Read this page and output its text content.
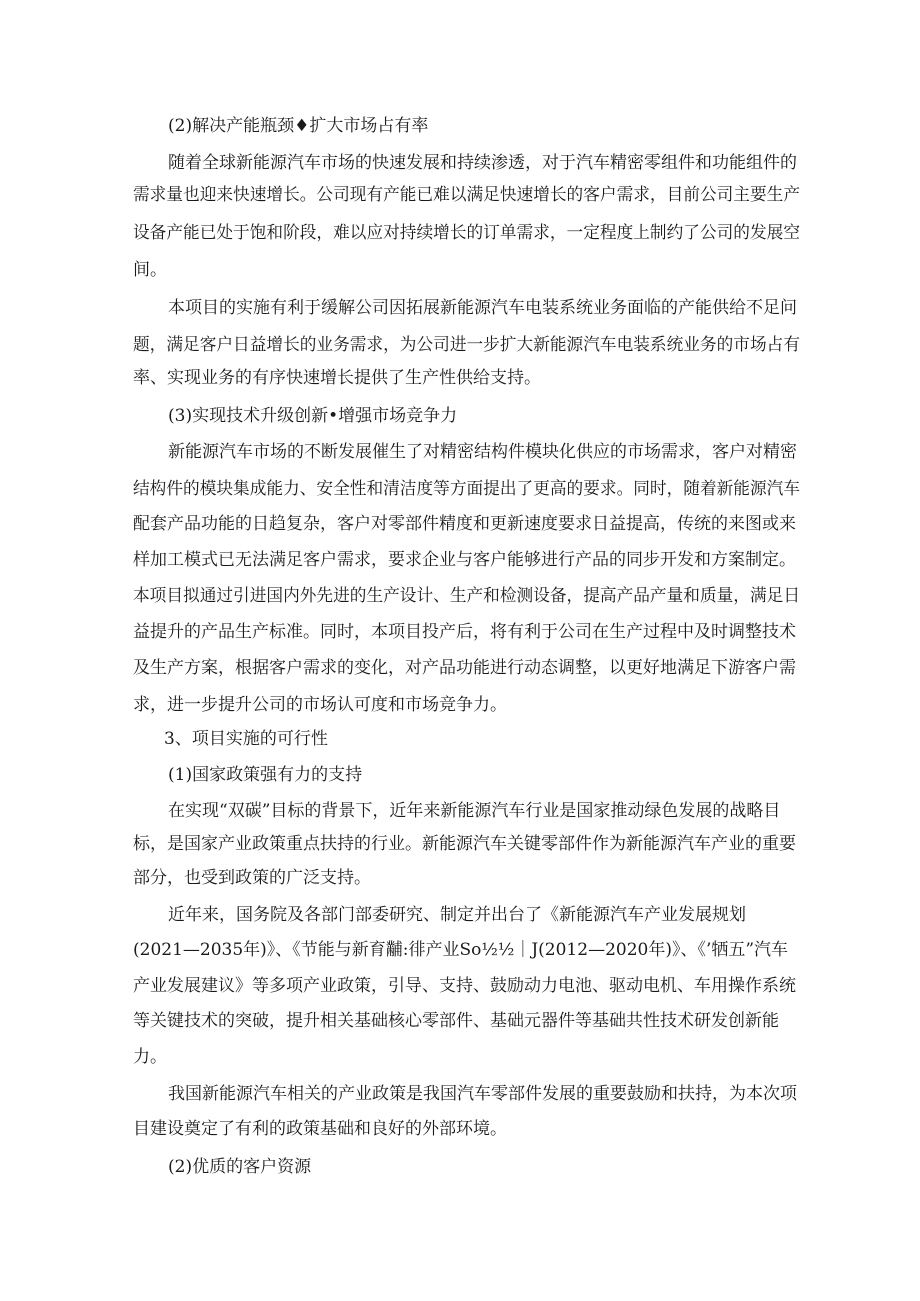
(2)解决产能瓶颈♦扩大市场占有率
随着全球新能源汽车市场的快速发展和持续渗透，对于汽车精密零组件和功能组件的
需求量也迎来快速增长。公司现有产能已难以满足快速增长的客户需求，目前公司主要生产
设备产能已处于饱和阶段，难以应对持续增长的订单需求，一定程度上制约了公司的发展空
间。
本项目的实施有利于缓解公司因拓展新能源汽车电装系统业务面临的产能供给不足问
题，满足客户日益增长的业务需求，为公司进一步扩大新能源汽车电装系统业务的市场占有
率、实现业务的有序快速增长提供了生产性供给支持。
(3)实现技术升级创新•增强市场竞争力
新能源汽车市场的不断发展催生了对精密结构件模块化供应的市场需求，客户对精密
结构件的模块集成能力、安全性和清洁度等方面提出了更高的要求。同时，随着新能源汽车
配套产品功能的日趋复杂，客户对零部件精度和更新速度要求日益提高，传统的来图或来
样加工模式已无法满足客户需求，要求企业与客户能够进行产品的同步开发和方案制定。
本项目拟通过引进国内外先进的生产设计、生产和检测设备，提高产品产量和质量，满足日
益提升的产品生产标准。同时，本项目投产后，将有利于公司在生产过程中及时调整技术
及生产方案，根据客户需求的变化，对产品功能进行动态调整，以更好地满足下游客户需
求，进一步提升公司的市场认可度和市场竞争力。
3、项目实施的可行性
(1)国家政策强有力的支持
在实现“双碳”目标的背景下，近年来新能源汽车行业是国家推动绿色发展的战略目
标，是国家产业政策重点扶持的行业。新能源汽车关键零部件作为新能源汽车产业的重要
部分，也受到政策的广泛支持。
近年来，国务院及各部门部委研究、制定并出台了《新能源汽车产业发展规划
(2021—2035年)》、《节能与新育黼:徘产业So½½｜J(2012—2020年)》、《’牺五”汽车
产业发展建议》等多项产业政策，引导、支持、鼓励动力电池、驱动电机、车用操作系统
等关键技术的突破，提升相关基础核心零部件、基础元器件等基础共性技术研发创新能
力。
我国新能源汽车相关的产业政策是我国汽车零部件发展的重要鼓励和扶持，为本次项
目建设奠定了有利的政策基础和良好的外部环境。
(2)优质的客户资源
